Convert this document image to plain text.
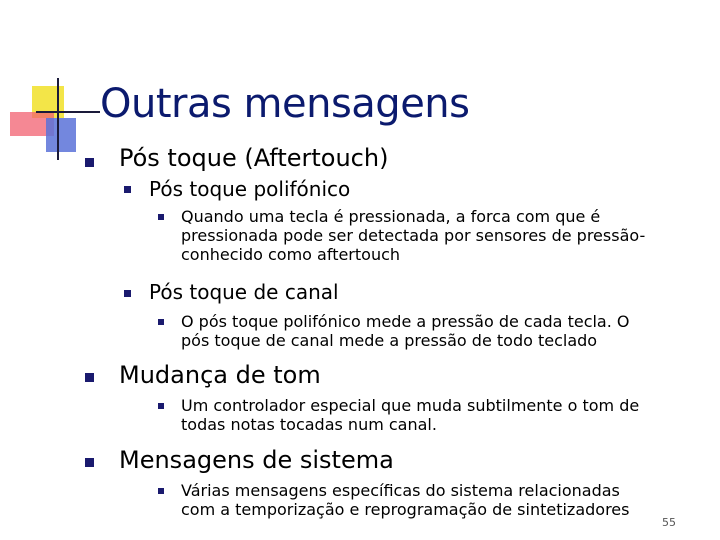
Outras mensagens
Pós toque (Aftertouch)
Pós toque polifónico
Quando uma tecla é pressionada, a forca com que é
pressionada pode ser detectada por sensores de pressão-
conhecido como aftertouch
Pós toque de canal
O pós toque polifónico mede a pressão de cada tecla. O
pós toque de canal mede a pressão de todo teclado
Mudança de tom
Um controlador especial que muda subtilmente o tom de
todas notas tocadas num canal.
Mensagens de sistema
Várias mensagens específicas do sistema relacionadas
com a temporização e reprogramação de sintetizadores
55
